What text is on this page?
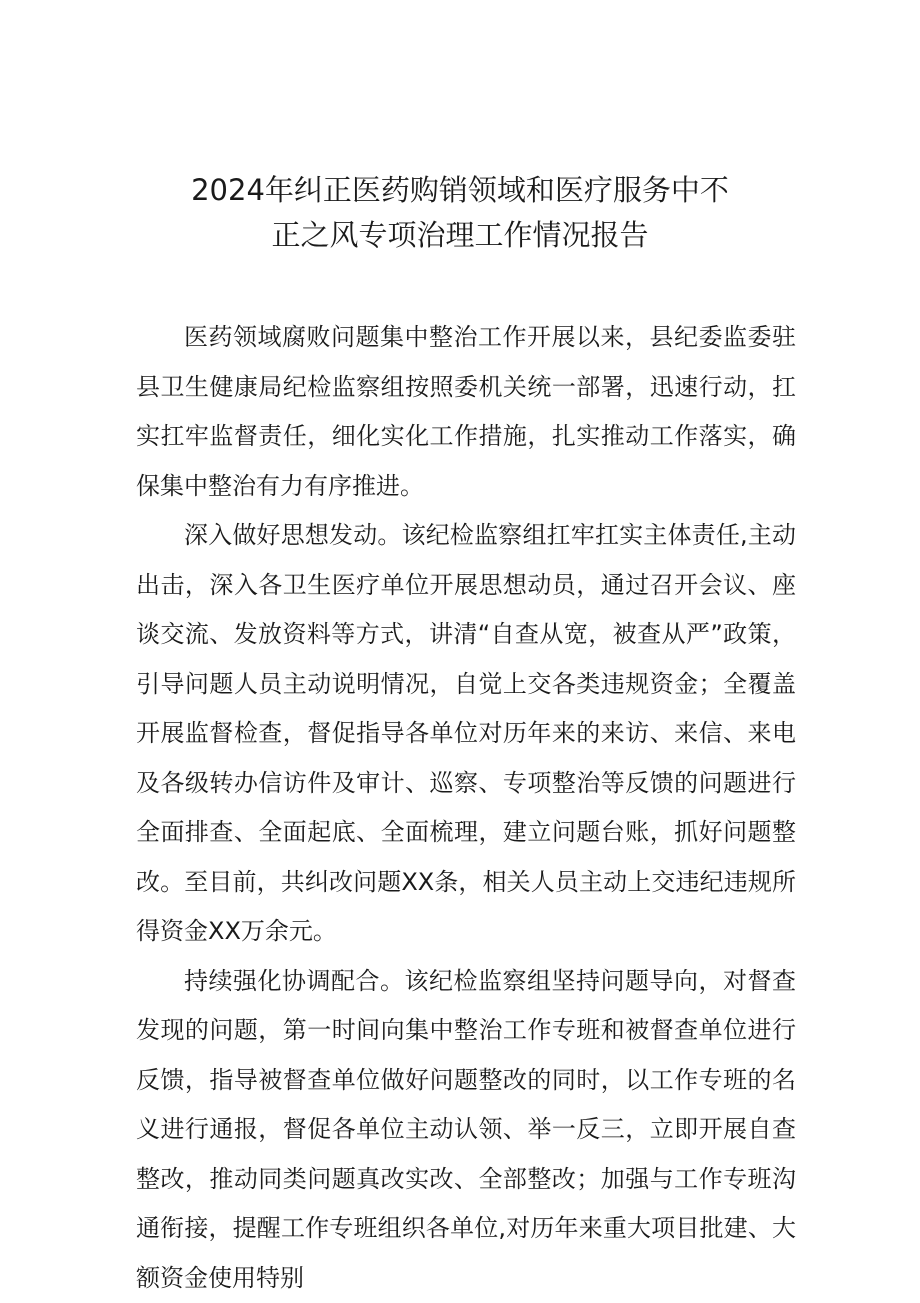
2024年纠正医药购销领域和医疗服务中不
正之风专项治理工作情况报告

医药领域腐败问题集中整治工作开展以来，县纪委监委驻县卫生健康局纪检监察组按照委机关统一部署，迅速行动，扛实扛牢监督责任，细化实化工作措施，扎实推动工作落实，确保集中整治有力有序推进。

深入做好思想发动。该纪检监察组扛牢扛实主体责任,主动出击，深入各卫生医疗单位开展思想动员，通过召开会议、座谈交流、发放资料等方式，讲清“自查从宽，被查从严”政策，引导问题人员主动说明情况，自觉上交各类违规资金；全覆盖开展监督检查，督促指导各单位对历年来的来访、来信、来电及各级转办信访件及审计、巡察、专项整治等反馈的问题进行全面排查、全面起底、全面梳理，建立问题台账，抓好问题整改。至目前，共纠改问题XX条，相关人员主动上交违纪违规所得资金XX万余元。

持续强化协调配合。该纪检监察组坚持问题导向，对督查发现的问题，第一时间向集中整治工作专班和被督查单位进行反馈，指导被督查单位做好问题整改的同时，以工作专班的名义进行通报，督促各单位主动认领、举一反三，立即开展自查整改，推动同类问题真改实改、全部整改；加强与工作专班沟通衔接，提醒工作专班组织各单位,对历年来重大项目批建、大额资金使用特别
